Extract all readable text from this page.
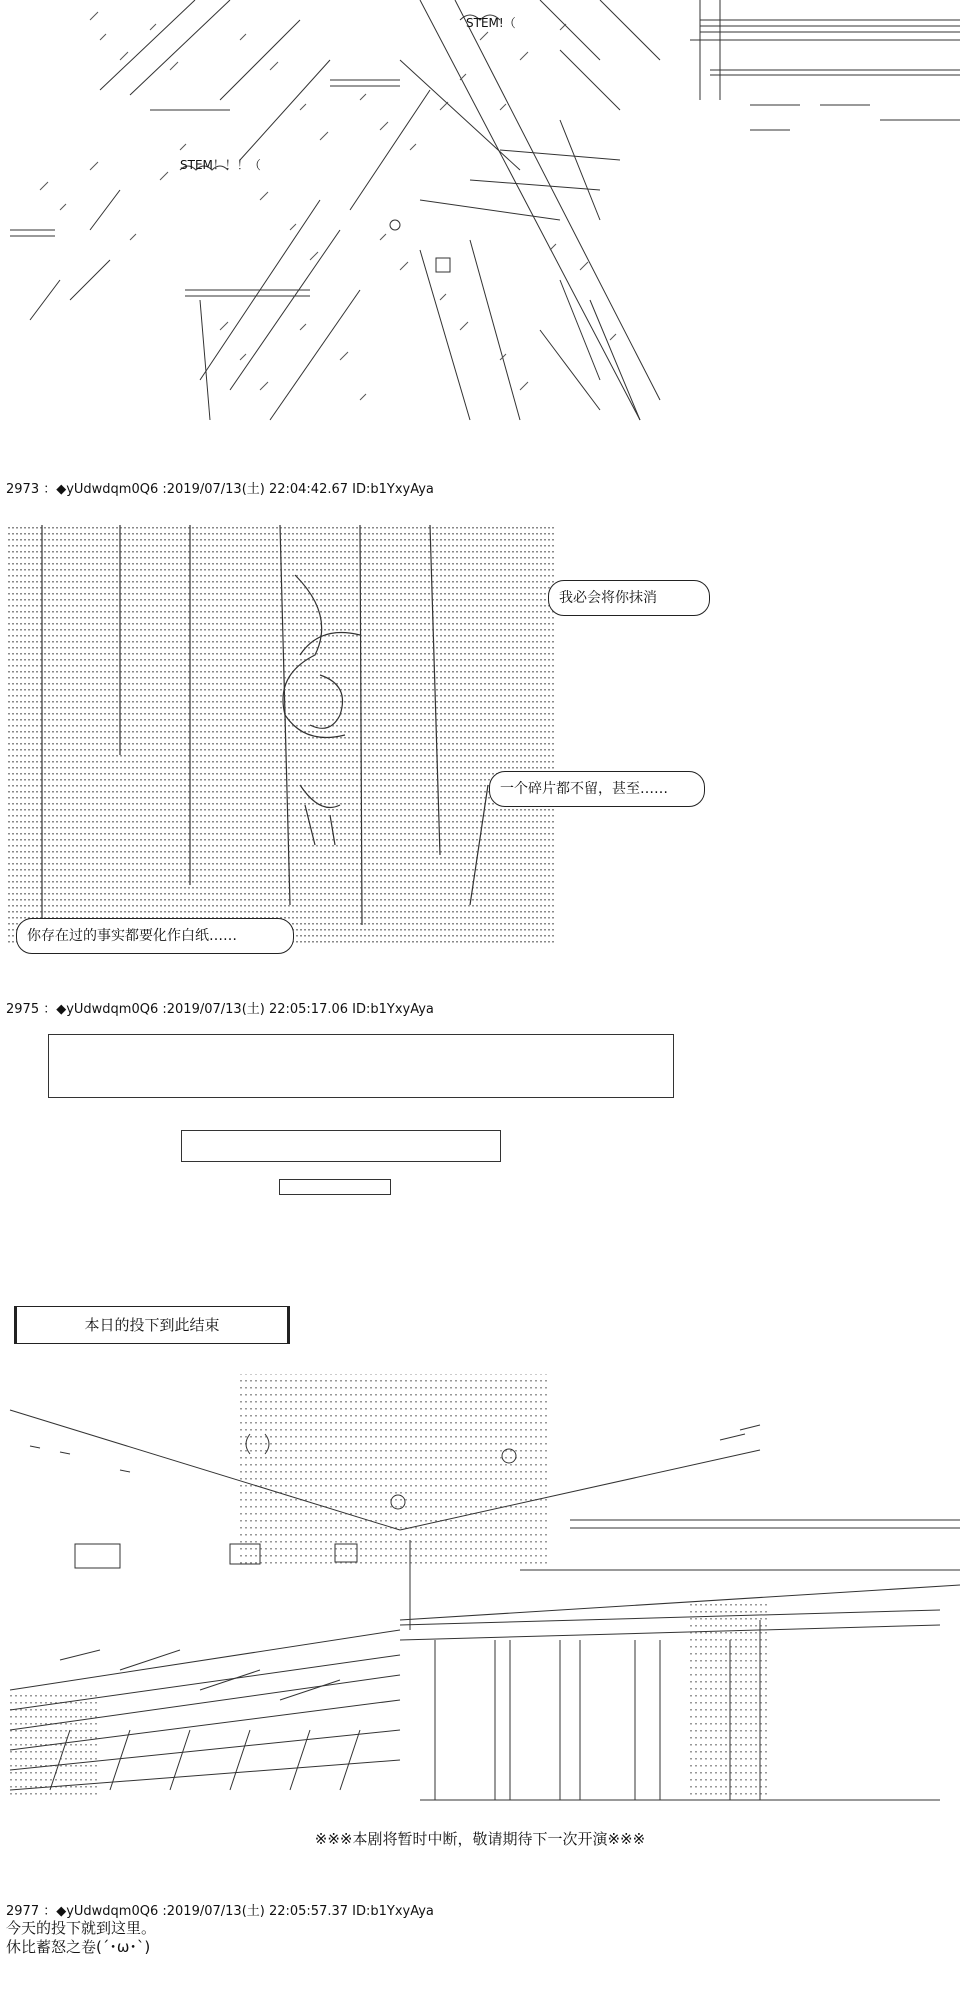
STEM!（
STEM！！！（
2973 ：◆yUdwdqm0Q6 :2019/07/13(土) 22:04:42.67 ID:b1YxyAya
我必会将你抹消
一个碎片都不留，甚至……
你存在过的事实都要化作白纸……
2975 ：◆yUdwdqm0Q6 :2019/07/13(土) 22:05:17.06 ID:b1YxyAya
本日的投下到此结束
※※※本剧将暂时中断，敬请期待下一次开演※※※
2977 ：◆yUdwdqm0Q6 :2019/07/13(土) 22:05:57.37 ID:b1YxyAya
今天的投下就到这里。
休比蓄怒之卷(´･ω･`)
